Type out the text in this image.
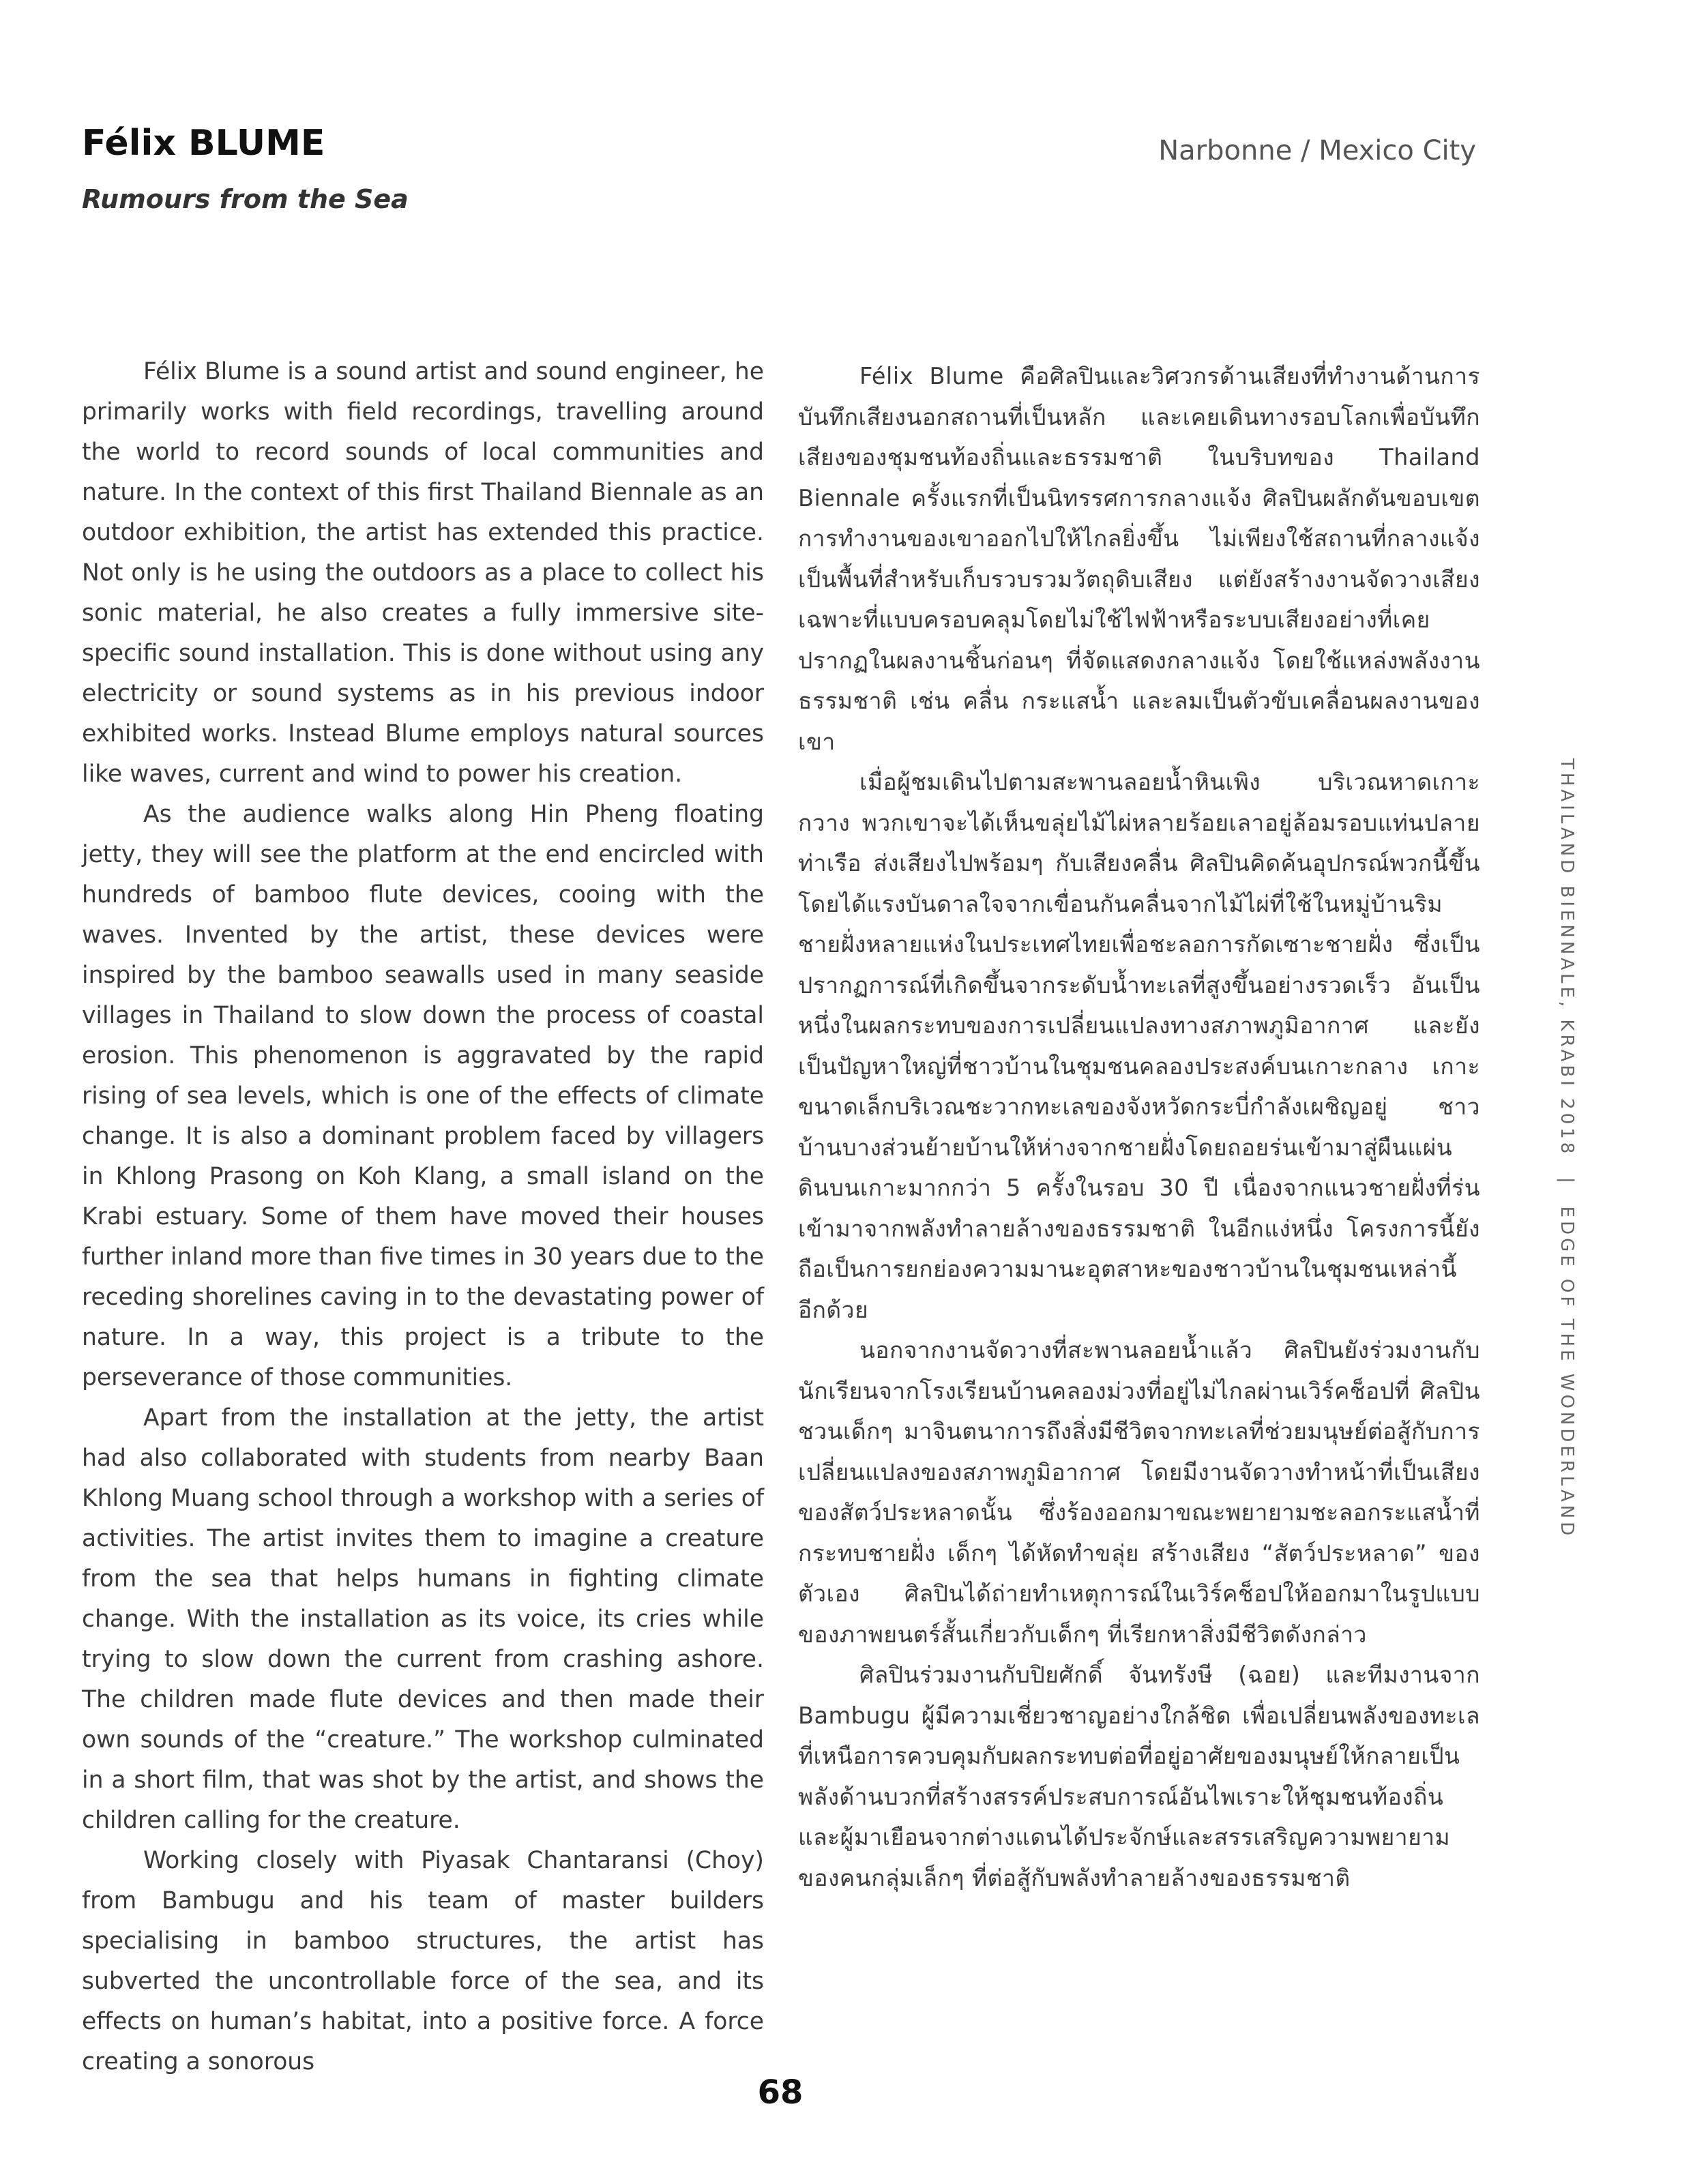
Félix BLUME
Rumours from the Sea
Narbonne / Mexico City

Félix Blume is a sound artist and sound engineer, he primarily works with field recordings, travelling around the world to record sounds of local communities and nature. In the context of this first Thailand Biennale as an outdoor exhibition, the artist has extended this practice. Not only is he using the outdoors as a place to collect his sonic material, he also creates a fully immersive site-specific sound installation. This is done without using any electricity or sound systems as in his previous indoor exhibited works. Instead Blume employs natural sources like waves, current and wind to power his creation.

As the audience walks along Hin Pheng floating jetty, they will see the platform at the end encircled with hundreds of bamboo flute devices, cooing with the waves. Invented by the artist, these devices were inspired by the bamboo seawalls used in many seaside villages in Thailand to slow down the process of coastal erosion. This phenomenon is aggravated by the rapid rising of sea levels, which is one of the effects of climate change. It is also a dominant problem faced by villagers in Khlong Prasong on Koh Klang, a small island on the Krabi estuary. Some of them have moved their houses further inland more than five times in 30 years due to the receding shorelines caving in to the devastating power of nature. In a way, this project is a tribute to the perseverance of those communities.

Apart from the installation at the jetty, the artist had also collaborated with students from nearby Baan Khlong Muang school through a workshop with a series of activities. The artist invites them to imagine a creature from the sea that helps humans in fighting climate change. With the installation as its voice, its cries while trying to slow down the current from crashing ashore. The children made flute devices and then made their own sounds of the “creature.” The workshop culminated in a short film, that was shot by the artist, and shows the children calling for the creature.

Working closely with Piyasak Chantaransi (Choy) from Bambugu and his team of master builders specialising in bamboo structures, the artist has subverted the uncontrollable force of the sea, and its effects on human’s habitat, into a positive force. A force creating a sonorous

Félix Blume คือศิลปินและวิศวกรด้านเสียงที่ทำงานด้านการบันทึกเสียงนอกสถานที่เป็นหลัก และเคยเดินทางรอบโลกเพื่อบันทึกเสียงของชุมชนท้องถิ่นและธรรมชาติ ในบริบทของ Thailand Biennale ครั้งแรกที่เป็นนิทรรศการกลางแจ้ง ศิลปินผลักดันขอบเขตการทำงานของเขาออกไปให้ไกลยิ่งขึ้น ไม่เพียงใช้สถานที่กลางแจ้งเป็นพื้นที่สำหรับเก็บรวบรวมวัตถุดิบเสียง แต่ยังสร้างงานจัดวางเสียงเฉพาะที่แบบครอบคลุมโดยไม่ใช้ไฟฟ้าหรือระบบเสียงอย่างที่เคยปรากฏในผลงานชิ้นก่อนๆ ที่จัดแสดงกลางแจ้ง โดยใช้แหล่งพลังงานธรรมชาติ เช่น คลื่น กระแสน้ำ และลมเป็นตัวขับเคลื่อนผลงานของเขา

เมื่อผู้ชมเดินไปตามสะพานลอยน้ำหินเพิง บริเวณหาดเกาะกวาง พวกเขาจะได้เห็นขลุ่ยไม้ไผ่หลายร้อยเลาอยู่ล้อมรอบแท่นปลายท่าเรือ ส่งเสียงไปพร้อมๆ กับเสียงคลื่น ศิลปินคิดค้นอุปกรณ์พวกนี้ขึ้นโดยได้แรงบันดาลใจจากเขื่อนกันคลื่นจากไม้ไผ่ที่ใช้ในหมู่บ้านริมชายฝั่งหลายแห่งในประเทศไทยเพื่อชะลอการกัดเซาะชายฝั่ง ซึ่งเป็นปรากฏการณ์ที่เกิดขึ้นจากระดับน้ำทะเลที่สูงขึ้นอย่างรวดเร็ว อันเป็นหนึ่งในผลกระทบของการเปลี่ยนแปลงทางสภาพภูมิอากาศ และยังเป็นปัญหาใหญ่ที่ชาวบ้านในชุมชนคลองประสงค์บนเกาะกลาง เกาะขนาดเล็กบริเวณชะวากทะเลของจังหวัดกระบี่กำลังเผชิญอยู่ ชาวบ้านบางส่วนย้ายบ้านให้ห่างจากชายฝั่งโดยถอยร่นเข้ามาสู่ผืนแผ่นดินบนเกาะมากกว่า 5 ครั้งในรอบ 30 ปี เนื่องจากแนวชายฝั่งที่ร่นเข้ามาจากพลังทำลายล้างของธรรมชาติ ในอีกแง่หนึ่ง โครงการนี้ยังถือเป็นการยกย่องความมานะอุตสาหะของชาวบ้านในชุมชนเหล่านี้อีกด้วย

นอกจากงานจัดวางที่สะพานลอยน้ำแล้ว ศิลปินยังร่วมงานกับนักเรียนจากโรงเรียนบ้านคลองม่วงที่อยู่ไม่ไกลผ่านเวิร์คช็อปที่ ศิลปินชวนเด็กๆ มาจินตนาการถึงสิ่งมีชีวิตจากทะเลที่ช่วยมนุษย์ต่อสู้กับการเปลี่ยนแปลงของสภาพภูมิอากาศ โดยมีงานจัดวางทำหน้าที่เป็นเสียงของสัตว์ประหลาดนั้น ซึ่งร้องออกมาขณะพยายามชะลอกระแสน้ำที่กระทบชายฝั่ง เด็กๆ ได้หัดทำขลุ่ย สร้างเสียง “สัตว์ประหลาด” ของตัวเอง ศิลปินได้ถ่ายทำเหตุการณ์ในเวิร์คช็อปให้ออกมาในรูปแบบของภาพยนตร์สั้นเกี่ยวกับเด็กๆ ที่เรียกหาสิ่งมีชีวิตดังกล่าว

ศิลปินร่วมงานกับปิยศักดิ์ จันทรังษี (ฉอย) และทีมงานจาก Bambugu ผู้มีความเชี่ยวชาญอย่างใกล้ชิด เพื่อเปลี่ยนพลังของทะเล ที่เหนือการควบคุมกับผลกระทบต่อที่อยู่อาศัยของมนุษย์ให้กลายเป็นพลังด้านบวกที่สร้างสรรค์ประสบการณ์อันไพเราะให้ชุมชนท้องถิ่นและผู้มาเยือนจากต่างแดนได้ประจักษ์และสรรเสริญความพยายามของคนกลุ่มเล็กๆ ที่ต่อสู้กับพลังทำลายล้างของธรรมชาติ

THAILAND BIENNALE, KRABI 2018 | EDGE OF THE WONDERLAND
68
